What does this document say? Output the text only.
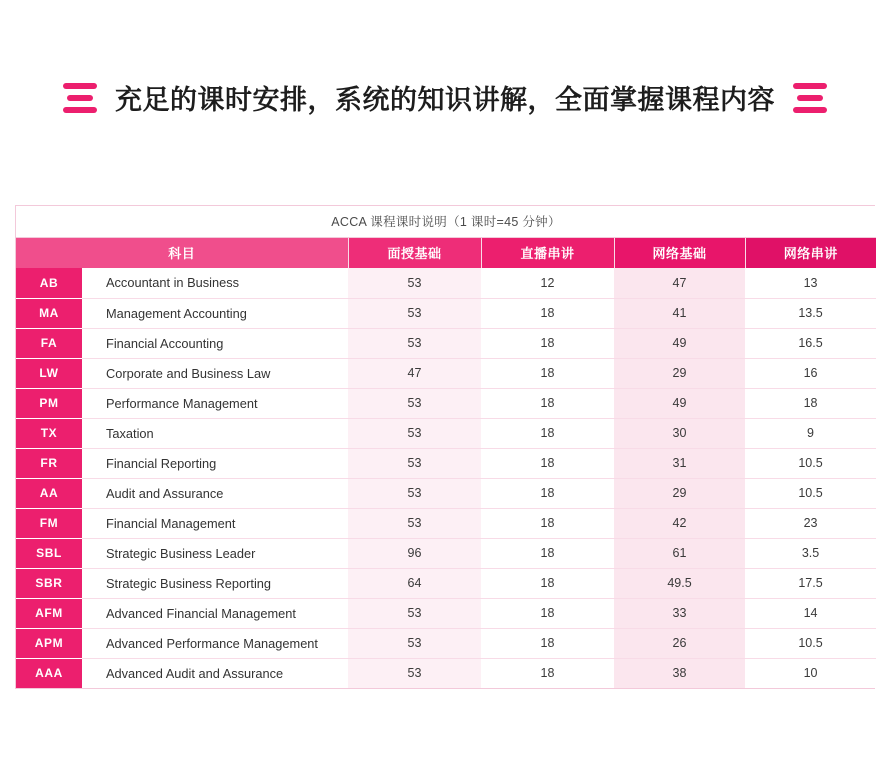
充足的课时安排，系统的知识讲解，全面掌握课程内容
ACCA 课程课时说明（1 课时=45 分钟）					
科目		面授基础	直播串讲	网络基础	网络串讲
AB	Accountant in Business	53	12	47	13
MA	Management Accounting	53	18	41	13.5
FA	Financial Accounting	53	18	49	16.5
LW	Corporate and Business Law	47	18	29	16
PM	Performance Management	53	18	49	18
TX	Taxation	53	18	30	9
FR	Financial Reporting	53	18	31	10.5
AA	Audit and Assurance	53	18	29	10.5
FM	Financial Management	53	18	42	23
SBL	Strategic Business Leader	96	18	61	3.5
SBR	Strategic Business Reporting	64	18	49.5	17.5
AFM	Advanced Financial Management	53	18	33	14
APM	Advanced Performance Management	53	18	26	10.5
AAA	Advanced Audit and Assurance	53	18	38	10
